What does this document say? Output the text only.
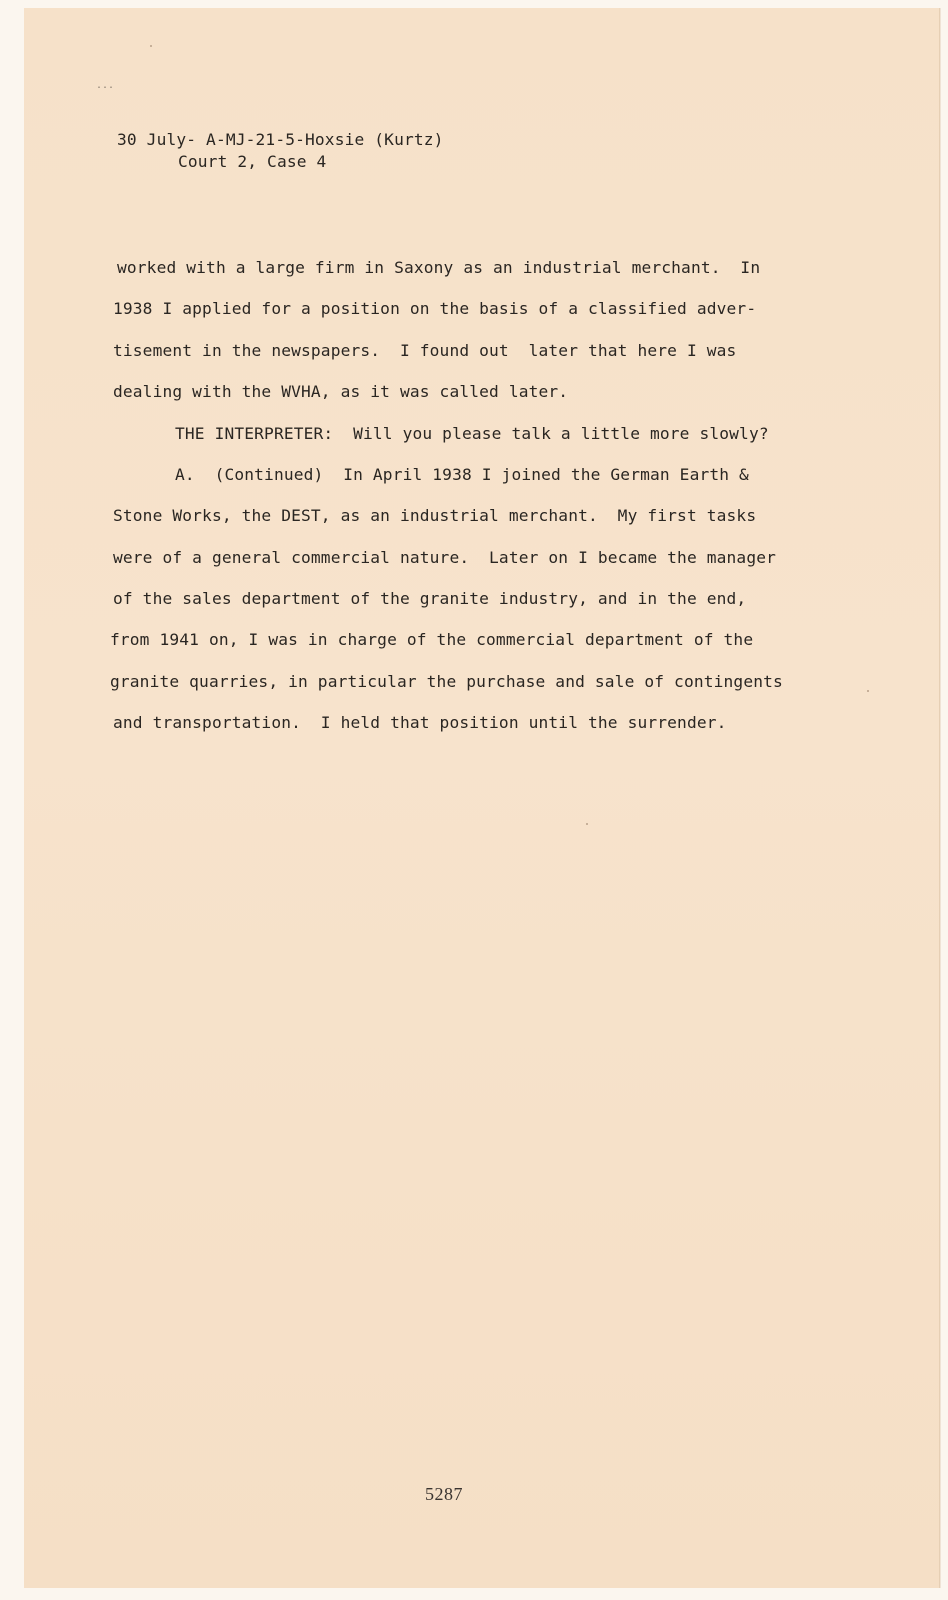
...

30 July- A-MJ-21-5-Hoxsie (Kurtz)

Court 2, Case 4

worked with a large firm in Saxony as an industrial merchant.  In

1938 I applied for a position on the basis of a classified adver-

tisement in the newspapers.  I found out  later that here I was

dealing with the WVHA, as it was called later.

THE INTERPRETER:  Will you please talk a little more slowly?

A.  (Continued)  In April 1938 I joined the German Earth &

Stone Works, the DEST, as an industrial merchant.  My first tasks

were of a general commercial nature.  Later on I became the manager

of the sales department of the granite industry, and in the end,

from 1941 on, I was in charge of the commercial department of the

granite quarries, in particular the purchase and sale of contingents

and transportation.  I held that position until the surrender.

5287
